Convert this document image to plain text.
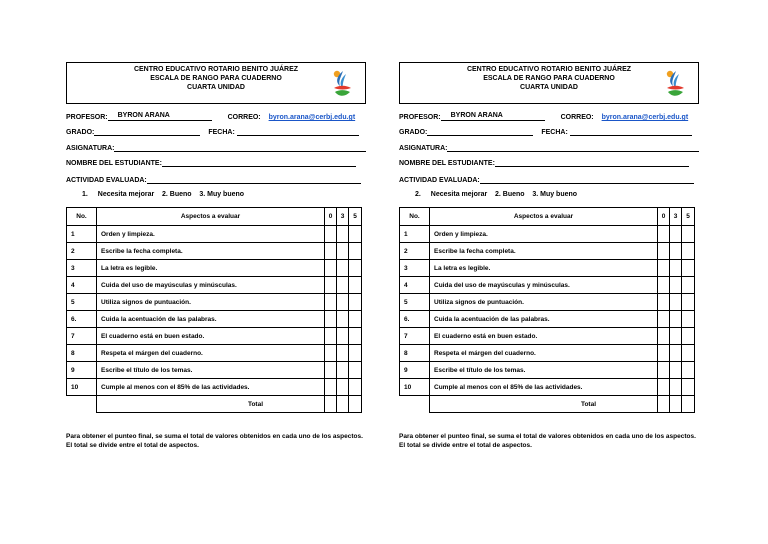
CENTRO EDUCATIVO ROTARIO BENITO JUÁREZ
ESCALA DE RANGO PARA CUADERNO
CUARTA UNIDAD
PROFESOR: BYRON ARANA	CORREO: byron.arana@cerbj.edu.gt
GRADO:	FECHA:
ASIGNATURA:
NOMBRE DEL ESTUDIANTE:
ACTIVIDAD EVALUADA:
1. Necesita mejorar    2. Bueno    3. Muy bueno
No.	Aspectos a evaluar	0	3	5
1	Orden y limpieza.			
2	Escribe la fecha completa.			
3	La letra es legible.			
4	Cuida del uso de mayúsculas y minúsculas.			
5	Utiliza signos de puntuación.			
6.	Cuida la acentuación de las palabras.			
7	El cuaderno está en buen estado.			
8	Respeta el márgen del cuaderno.			
9	Escribe el título de los temas.			
10	Cumple al menos con el 85% de las actividades.			
	Total			
Para obtener el punteo final, se suma el total de valores obtenidos en cada uno de los aspectos. El total se divide entre el total de aspectos.
CENTRO EDUCATIVO ROTARIO BENITO JUÁREZ
ESCALA DE RANGO PARA CUADERNO
CUARTA UNIDAD
PROFESOR: BYRON ARANA	CORREO: byron.arana@cerbj.edu.gt
GRADO:	FECHA:
ASIGNATURA:
NOMBRE DEL ESTUDIANTE:
ACTIVIDAD EVALUADA:
2. Necesita mejorar    2. Bueno    3. Muy bueno
No.	Aspectos a evaluar	0	3	5
1	Orden y limpieza.			
2	Escribe la fecha completa.			
3	La letra es legible.			
4	Cuida del uso de mayúsculas y minúsculas.			
5	Utiliza signos de puntuación.			
6.	Cuida la acentuación de las palabras.			
7	El cuaderno está en buen estado.			
8	Respeta el márgen del cuaderno.			
9	Escribe el título de los temas.			
10	Cumple al menos con el 85% de las actividades.			
	Total			
Para obtener el punteo final, se suma el total de valores obtenidos en cada uno de los aspectos. El total se divide entre el total de aspectos.
